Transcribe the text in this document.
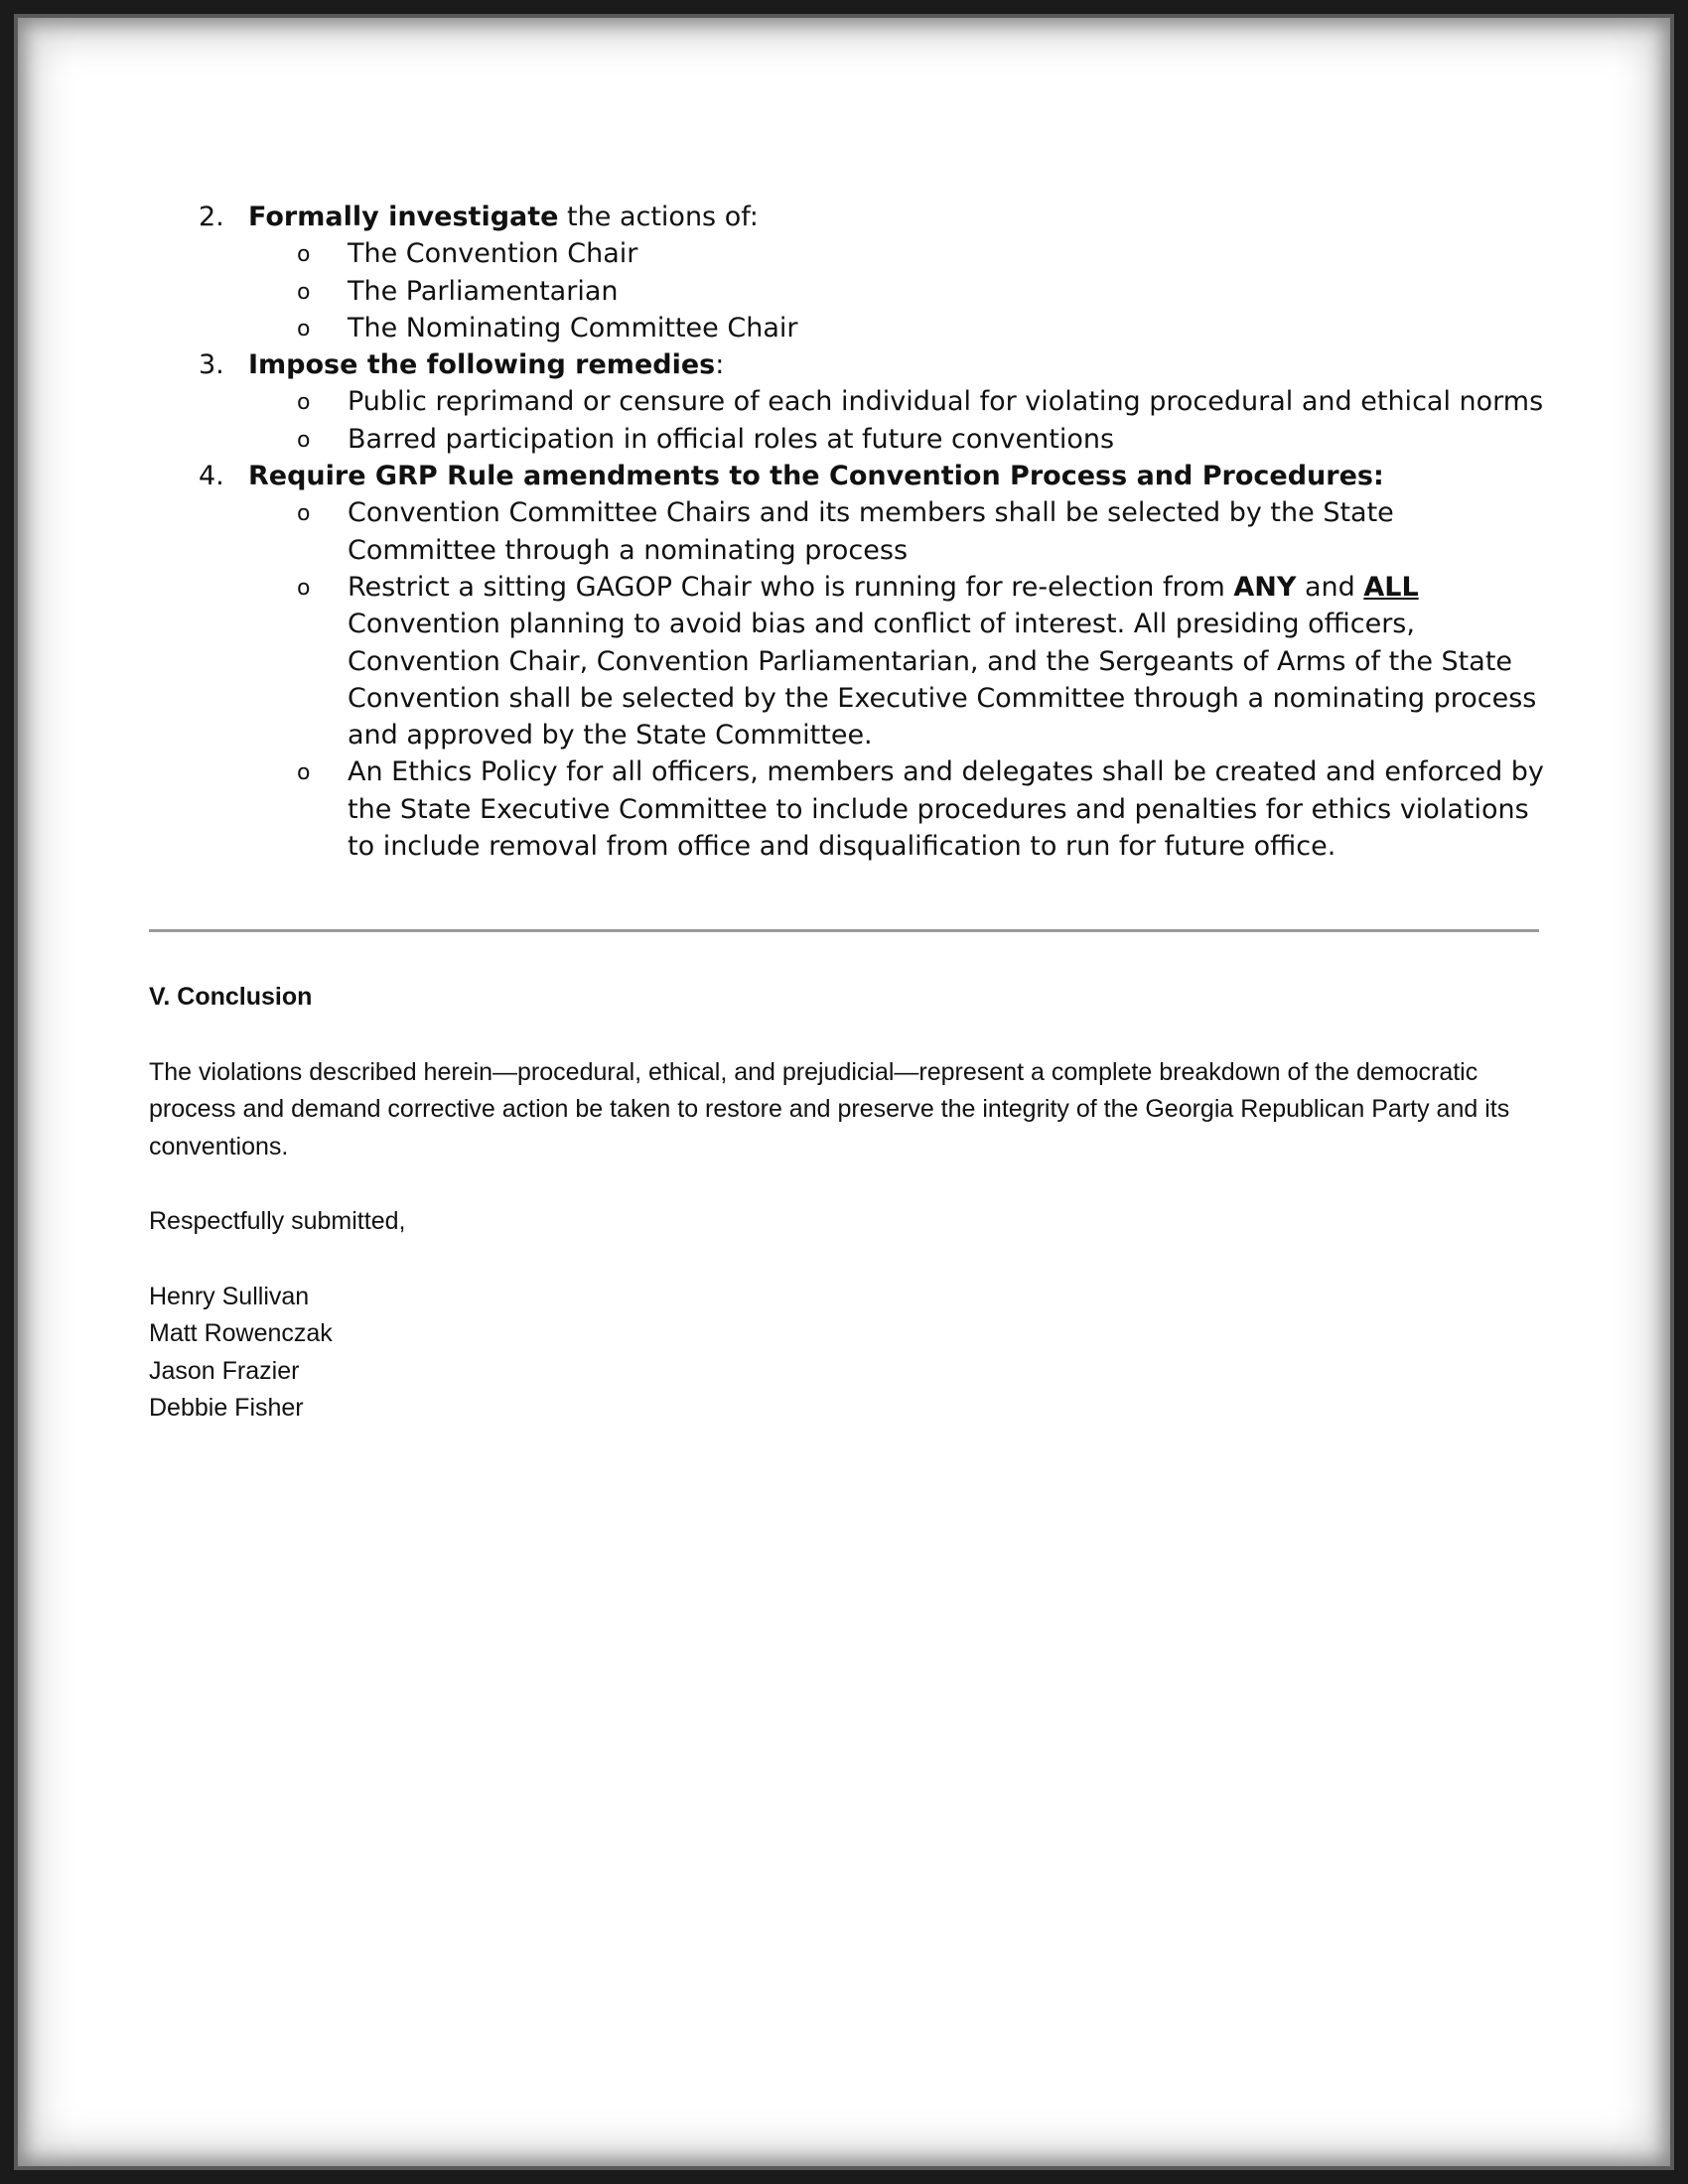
2. Formally investigate the actions of:
o The Convention Chair
o The Parliamentarian
o The Nominating Committee Chair
3. Impose the following remedies:
o Public reprimand or censure of each individual for violating procedural and ethical norms
o Barred participation in official roles at future conventions
4. Require GRP Rule amendments to the Convention Process and Procedures:
o Convention Committee Chairs and its members shall be selected by the State Committee through a nominating process
o Restrict a sitting GAGOP Chair who is running for re-election from ANY and ALL Convention planning to avoid bias and conflict of interest. All presiding officers, Convention Chair, Convention Parliamentarian, and the Sergeants of Arms of the State Convention shall be selected by the Executive Committee through a nominating process and approved by the State Committee.
o An Ethics Policy for all officers, members and delegates shall be created and enforced by the State Executive Committee to include procedures and penalties for ethics violations to include removal from office and disqualification to run for future office.

V. Conclusion

The violations described herein—procedural, ethical, and prejudicial—represent a complete breakdown of the democratic process and demand corrective action be taken to restore and preserve the integrity of the Georgia Republican Party and its conventions.

Respectfully submitted,

Henry Sullivan

Matt Rowenczak

Jason Frazier

Debbie Fisher
